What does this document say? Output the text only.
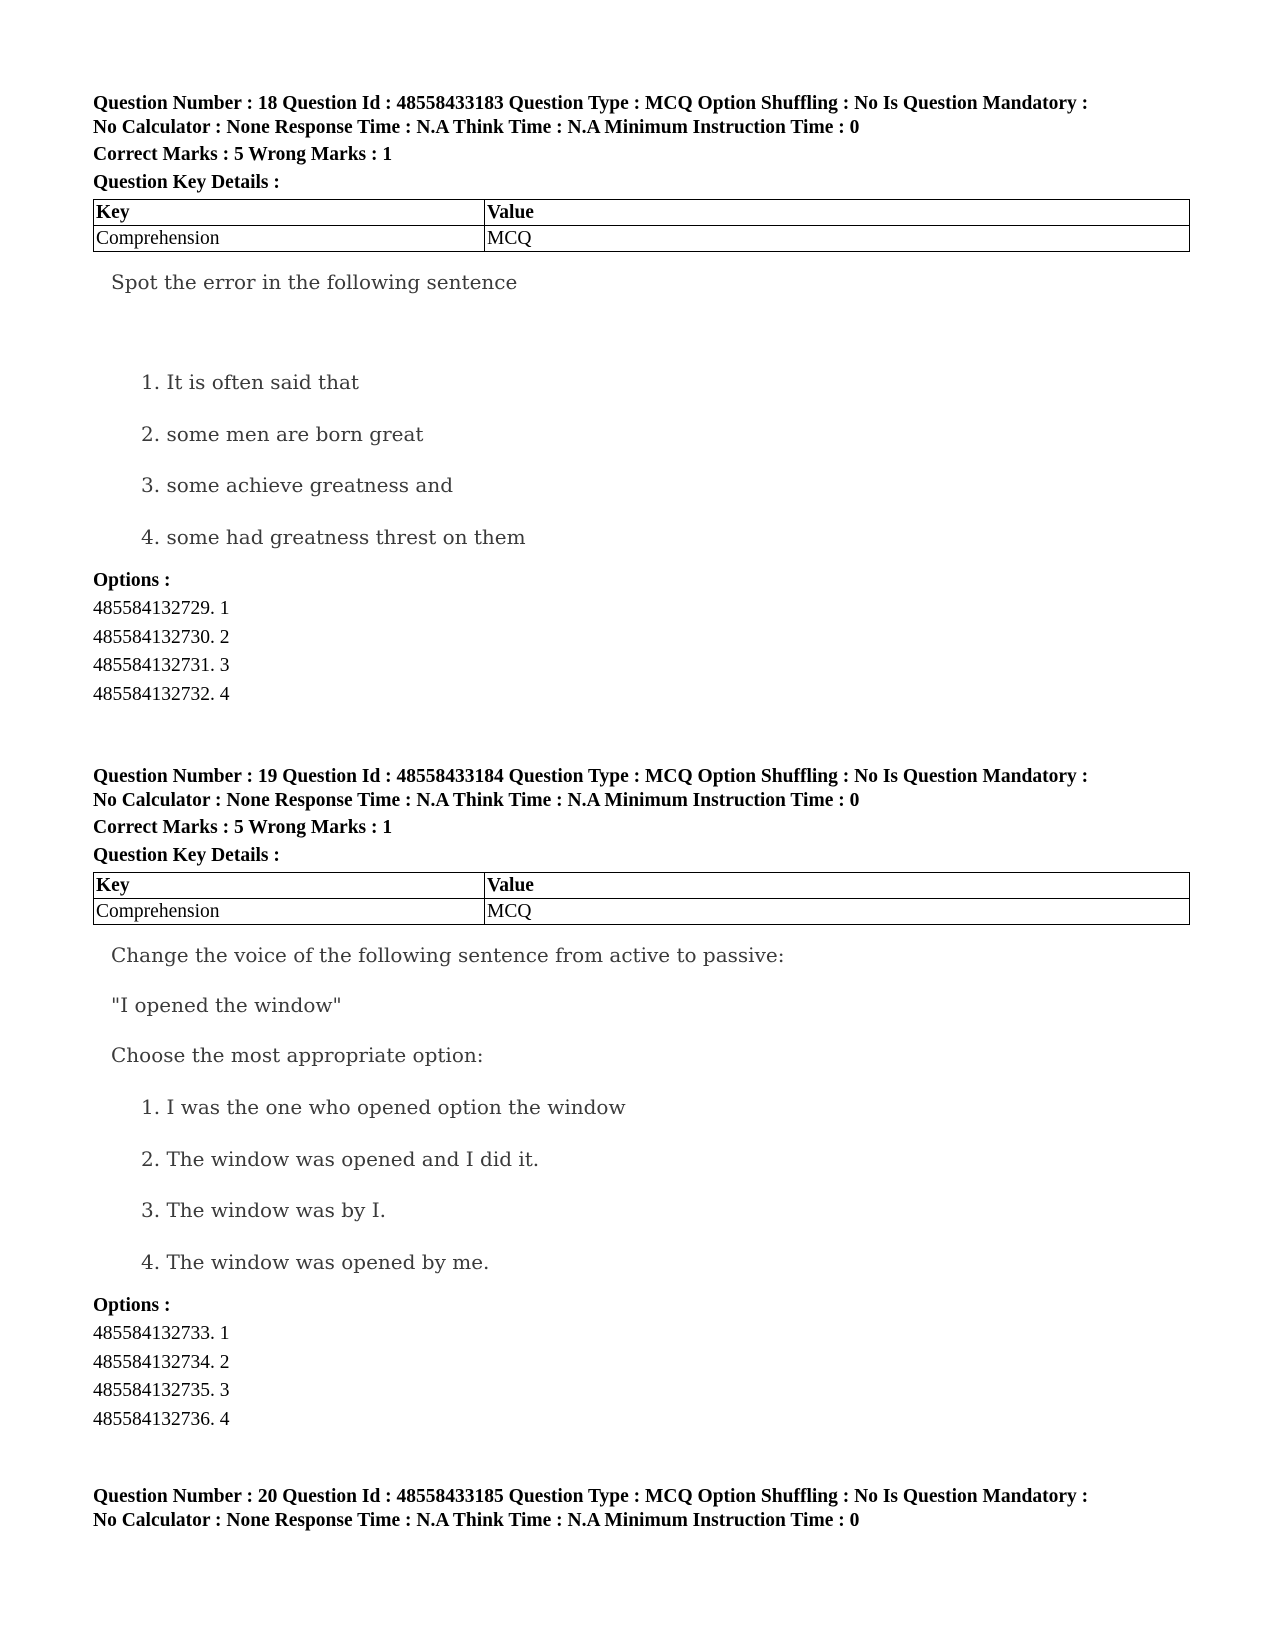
Question Number : 18 Question Id : 48558433183 Question Type : MCQ Option Shuffling : No Is Question Mandatory :
No Calculator : None Response Time : N.A Think Time : N.A Minimum Instruction Time : 0
Correct Marks : 5 Wrong Marks : 1
Question Key Details :
Key	Value
Comprehension	MCQ
Spot the error in the following sentence
1. It is often said that
2. some men are born great
3. some achieve greatness and
4. some had greatness threst on them
Options :
485584132729. 1
485584132730. 2
485584132731. 3
485584132732. 4
Question Number : 19 Question Id : 48558433184 Question Type : MCQ Option Shuffling : No Is Question Mandatory :
No Calculator : None Response Time : N.A Think Time : N.A Minimum Instruction Time : 0
Correct Marks : 5 Wrong Marks : 1
Question Key Details :
Key	Value
Comprehension	MCQ
Change the voice of the following sentence from active to passive:
"I opened the window"
Choose the most appropriate option:
1. I was the one who opened option the window
2. The window was opened and I did it.
3. The window was by I.
4. The window was opened by me.
Options :
485584132733. 1
485584132734. 2
485584132735. 3
485584132736. 4
Question Number : 20 Question Id : 48558433185 Question Type : MCQ Option Shuffling : No Is Question Mandatory :
No Calculator : None Response Time : N.A Think Time : N.A Minimum Instruction Time : 0
